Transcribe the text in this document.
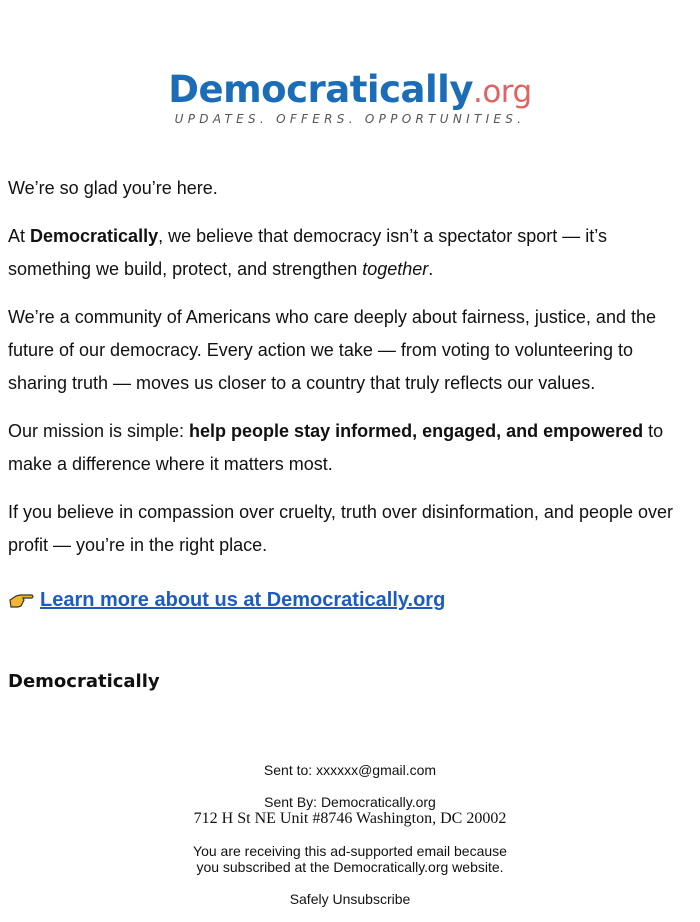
Democratically.org
UPDATES. OFFERS. OPPORTUNITIES.

We’re so glad you’re here.

At Democratically, we believe that democracy isn’t a spectator sport — it’s something we build, protect, and strengthen together.

We’re a community of Americans who care deeply about fairness, justice, and the future of our democracy. Every action we take — from voting to volunteering to sharing truth — moves us closer to a country that truly reflects our values.

Our mission is simple: help people stay informed, engaged, and empowered to make a difference where it matters most.

If you believe in compassion over cruelty, truth over disinformation, and people over profit — you’re in the right place.

Learn more about us at Democratically.org
Democratically

Sent to: xxxxxx@gmail.com

Sent By: Democratically.org
712 H St NE Unit #8746 Washington, DC 20002

You are receiving this ad-supported email because
you subscribed at the Democratically.org website.

Safely Unsubscribe
